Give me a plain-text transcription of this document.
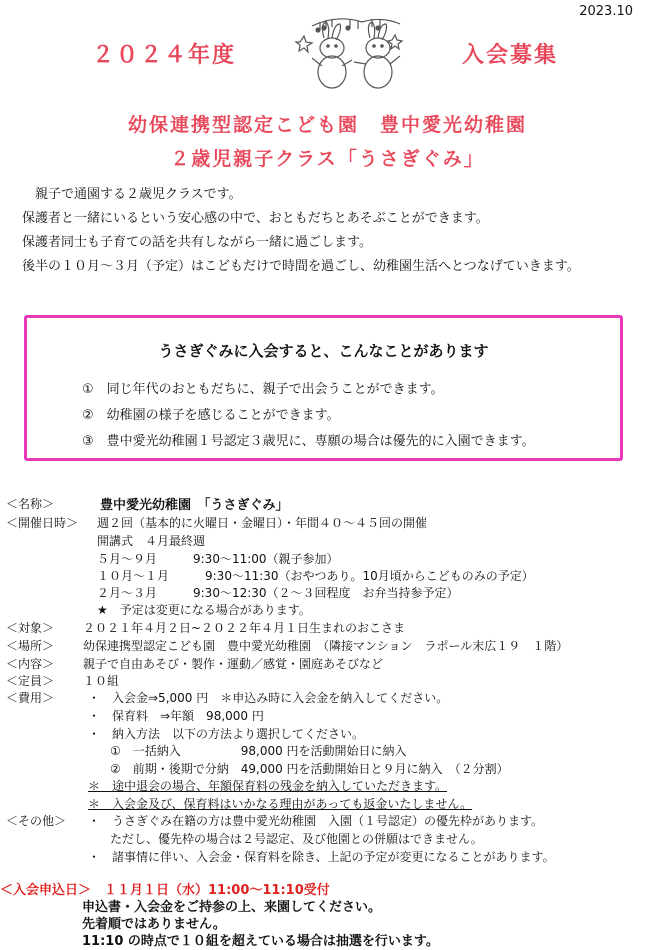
2023.10
２０２４年度	入会募集
幼保連携型認定こども園　豊中愛光幼稚園
２歳児親子クラス「うさぎぐみ」
　親子で通園する２歳児クラスです。
保護者と一緒にいるという安心感の中で、おともだちとあそぶことができます。
保護者同士も子育ての話を共有しながら一緒に過ごします。
後半の１０月～３月（予定）はこどもだけで時間を過ごし、幼稚園生活へとつなげていきます。
うさぎぐみに入会すると、こんなことがあります
①　同じ年代のおともだちに、親子で出会うことができます。
②　幼稚園の様子を感じることができます。
③　豊中愛光幼稚園１号認定３歳児に、専願の場合は優先的に入園できます。
＜名称＞	豊中愛光幼稚園　「うさぎぐみ」
＜開催日時＞ 週２回（基本的に火曜日・金曜日）・年間４０～４５回の開催
開講式　４月最終週
５月～９月　　　9:30～11:00（親子参加）
１０月～１月　　　9:30～11:30（おやつあり。10月頃からこどものみの予定）
２月～３月　　　9:30～12:30（２～３回程度　お弁当持参予定）
★　予定は変更になる場合があります。
＜対象＞ ２０２１年４月２日~２０２２年４月１日生まれのおこさま
＜場所＞ 幼保連携型認定こども園　豊中愛光幼稚園　（隣接マンション　ラポール末広１９　１階）
＜内容＞ 親子で自由あそび・製作・運動／感覚・園庭あそびなど
＜定員＞ １０組
＜費用＞	・　入会金⇒5,000 円　＊申込み時に入会金を納入してください。
・　保育料　⇒年額　98,000 円
・　納入方法　以下の方法より選択してください。
①　一括納入　　　　　98,000 円を活動開始日に納入
②　前期・後期で分納　49,000 円を活動開始日と９月に納入　（２分割）
＊　途中退会の場合、年額保育料の残金を納入していただきます。
＊　入会金及び、保育料はいかなる理由があっても返金いたしません。
＜その他＞ ・　うさぎぐみ在籍の方は豊中愛光幼稚園　入園（１号認定）の優先枠があります。
ただし、優先枠の場合は２号認定、及び他園との併願はできません。
・　諸事情に伴い、入会金・保育料を除き、上記の予定が変更になることがあります。
＜入会申込日＞　１１月１日（水）11:00～11:10受付
申込書・入会金をご持参の上、来園してください。
先着順ではありません。
11:10 の時点で１０組を超えている場合は抽選を行います。
